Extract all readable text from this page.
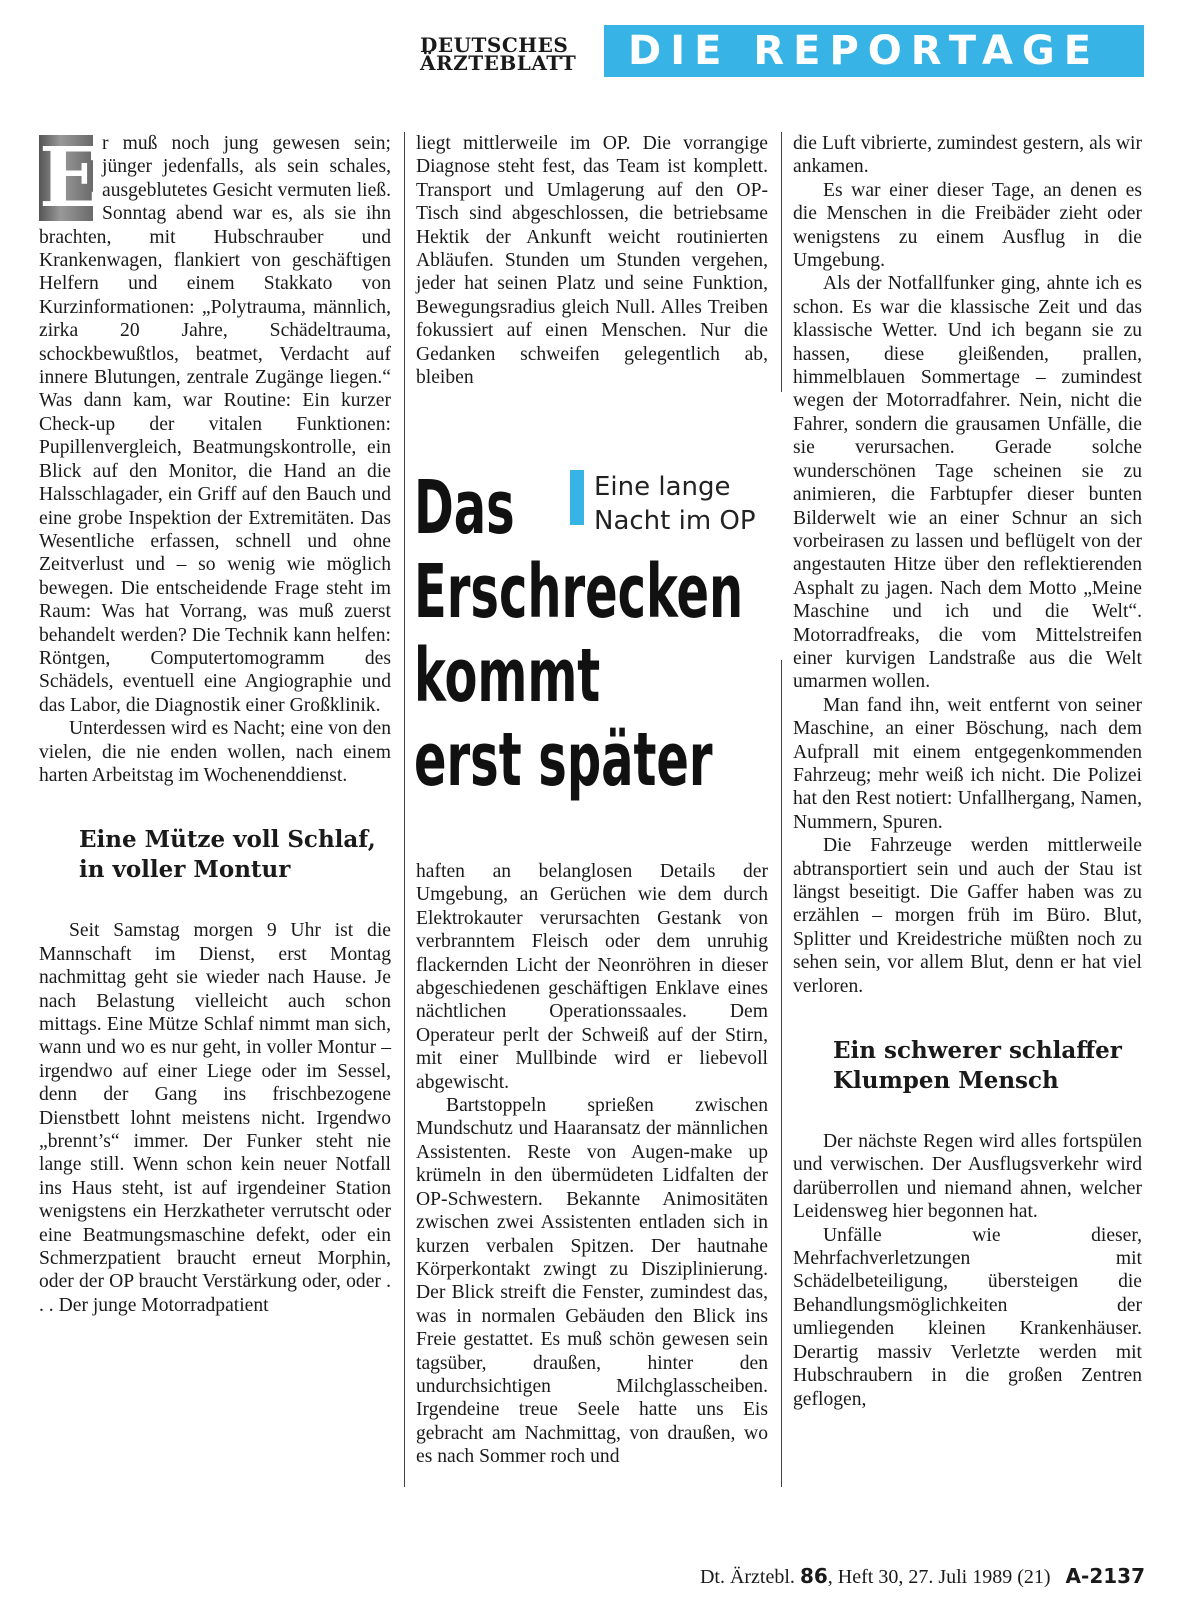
DEUTSCHES
ÄRZTEBLATT	DIE REPORTAGE
E r muß noch jung gewesen sein; jünger jedenfalls, als sein schales, ausgeblutetes Gesicht vermuten ließ. Sonntag abend war es, als sie ihn brachten, mit Hubschrauber und Krankenwagen, flankiert von geschäftigen Helfern und einem Stakkato von Kurzinformationen: „Polytrauma, männlich, zirka 20 Jahre, Schädeltrauma, schockbewußtlos, beatmet, Verdacht auf innere Blutungen, zentrale Zugänge liegen.“ Was dann kam, war Routine: Ein kurzer Check-up der vitalen Funktionen: Pupillenvergleich, Beatmungskontrolle, ein Blick auf den Monitor, die Hand an die Halsschlagader, ein Griff auf den Bauch und eine grobe Inspektion der Extremitäten. Das Wesentliche erfassen, schnell und ohne Zeitverlust und – so wenig wie möglich bewegen. Die entscheidende Frage steht im Raum: Was hat Vorrang, was muß zuerst behandelt werden? Die Technik kann helfen: Röntgen, Computertomogramm des Schädels, eventuell eine Angiographie und das Labor, die Diagnostik einer Großklinik.

Unterdessen wird es Nacht; eine von den vielen, die nie enden wollen, nach einem harten Arbeitstag im Wochenenddienst.

Eine Mütze voll Schlaf,
in voller Montur

Seit Samstag morgen 9 Uhr ist die Mannschaft im Dienst, erst Montag nachmittag geht sie wieder nach Hause. Je nach Belastung vielleicht auch schon mittags. Eine Mütze Schlaf nimmt man sich, wann und wo es nur geht, in voller Montur – irgendwo auf einer Liege oder im Sessel, denn der Gang ins frischbezogene Dienstbett lohnt meistens nicht. Irgendwo „brennt’s“ immer. Der Funker steht nie lange still. Wenn schon kein neuer Notfall ins Haus steht, ist auf irgendeiner Station wenigstens ein Herzkatheter verrutscht oder eine Beatmungsmaschine defekt, oder ein Schmerzpatient braucht erneut Morphin, oder der OP braucht Verstärkung oder, oder . . . Der junge Motorradpatient

liegt mittlerweile im OP. Die vorrangige Diagnose steht fest, das Team ist komplett. Transport und Umlagerung auf den OP-Tisch sind abgeschlossen, die betriebsame Hektik der Ankunft weicht routinierten Abläufen. Stunden um Stunden vergehen, jeder hat seinen Platz und seine Funktion, Bewegungsradius gleich Null. Alles Treiben fokussiert auf einen Menschen. Nur die Gedanken schweifen gelegentlich ab, bleiben

Eine lange
Nacht im OP
Das
Erschrecken
kommt
erst später

haften an belanglosen Details der Umgebung, an Gerüchen wie dem durch Elektrokauter verursachten Gestank von verbranntem Fleisch oder dem unruhig flackernden Licht der Neonröhren in dieser abgeschiedenen geschäftigen Enklave eines nächtlichen Operationssaales. Dem Operateur perlt der Schweiß auf der Stirn, mit einer Mullbinde wird er liebevoll abgewischt.

Bartstoppeln sprießen zwischen Mundschutz und Haaransatz der männlichen Assistenten. Reste von Augen-make up krümeln in den übermüdeten Lidfalten der OP-Schwestern. Bekannte Animositäten zwischen zwei Assistenten entladen sich in kurzen verbalen Spitzen. Der hautnahe Körperkontakt zwingt zu Disziplinierung. Der Blick streift die Fenster, zumindest das, was in normalen Gebäuden den Blick ins Freie gestattet. Es muß schön gewesen sein tagsüber, draußen, hinter den undurchsichtigen Milchglasscheiben. Irgendeine treue Seele hatte uns Eis gebracht am Nachmittag, von draußen, wo es nach Sommer roch und

die Luft vibrierte, zumindest gestern, als wir ankamen.

Es war einer dieser Tage, an denen es die Menschen in die Freibäder zieht oder wenigstens zu einem Ausflug in die Umgebung.

Als der Notfallfunker ging, ahnte ich es schon. Es war die klassische Zeit und das klassische Wetter. Und ich begann sie zu hassen, diese gleißenden, prallen, himmelblauen Sommertage – zumindest wegen der Motorradfahrer. Nein, nicht die Fahrer, sondern die grausamen Unfälle, die sie verursachen. Gerade solche wunderschönen Tage scheinen sie zu animieren, die Farbtupfer dieser bunten Bilderwelt wie an einer Schnur an sich vorbeirasen zu lassen und beflügelt von der angestauten Hitze über den reflektierenden Asphalt zu jagen. Nach dem Motto „Meine Maschine und ich und die Welt“. Motorradfreaks, die vom Mittelstreifen einer kurvigen Landstraße aus die Welt umarmen wollen.

Man fand ihn, weit entfernt von seiner Maschine, an einer Böschung, nach dem Aufprall mit einem entgegenkommenden Fahrzeug; mehr weiß ich nicht. Die Polizei hat den Rest notiert: Unfallhergang, Namen, Nummern, Spuren.

Die Fahrzeuge werden mittlerweile abtransportiert sein und auch der Stau ist längst beseitigt. Die Gaffer haben was zu erzählen – morgen früh im Büro. Blut, Splitter und Kreidestriche müßten noch zu sehen sein, vor allem Blut, denn er hat viel verloren.

Ein schwerer schlaffer
Klumpen Mensch

Der nächste Regen wird alles fortspülen und verwischen. Der Ausflugsverkehr wird darüberrollen und niemand ahnen, welcher Leidensweg hier begonnen hat.

Unfälle wie dieser, Mehrfachverletzungen mit Schädelbeteiligung, übersteigen die Behandlungsmöglichkeiten der umliegenden kleinen Krankenhäuser. Derartig massiv Verletzte werden mit Hubschraubern in die großen Zentren geflogen,

Dt. Ärztebl. 86, Heft 30, 27. Juli 1989 (21) A-2137
